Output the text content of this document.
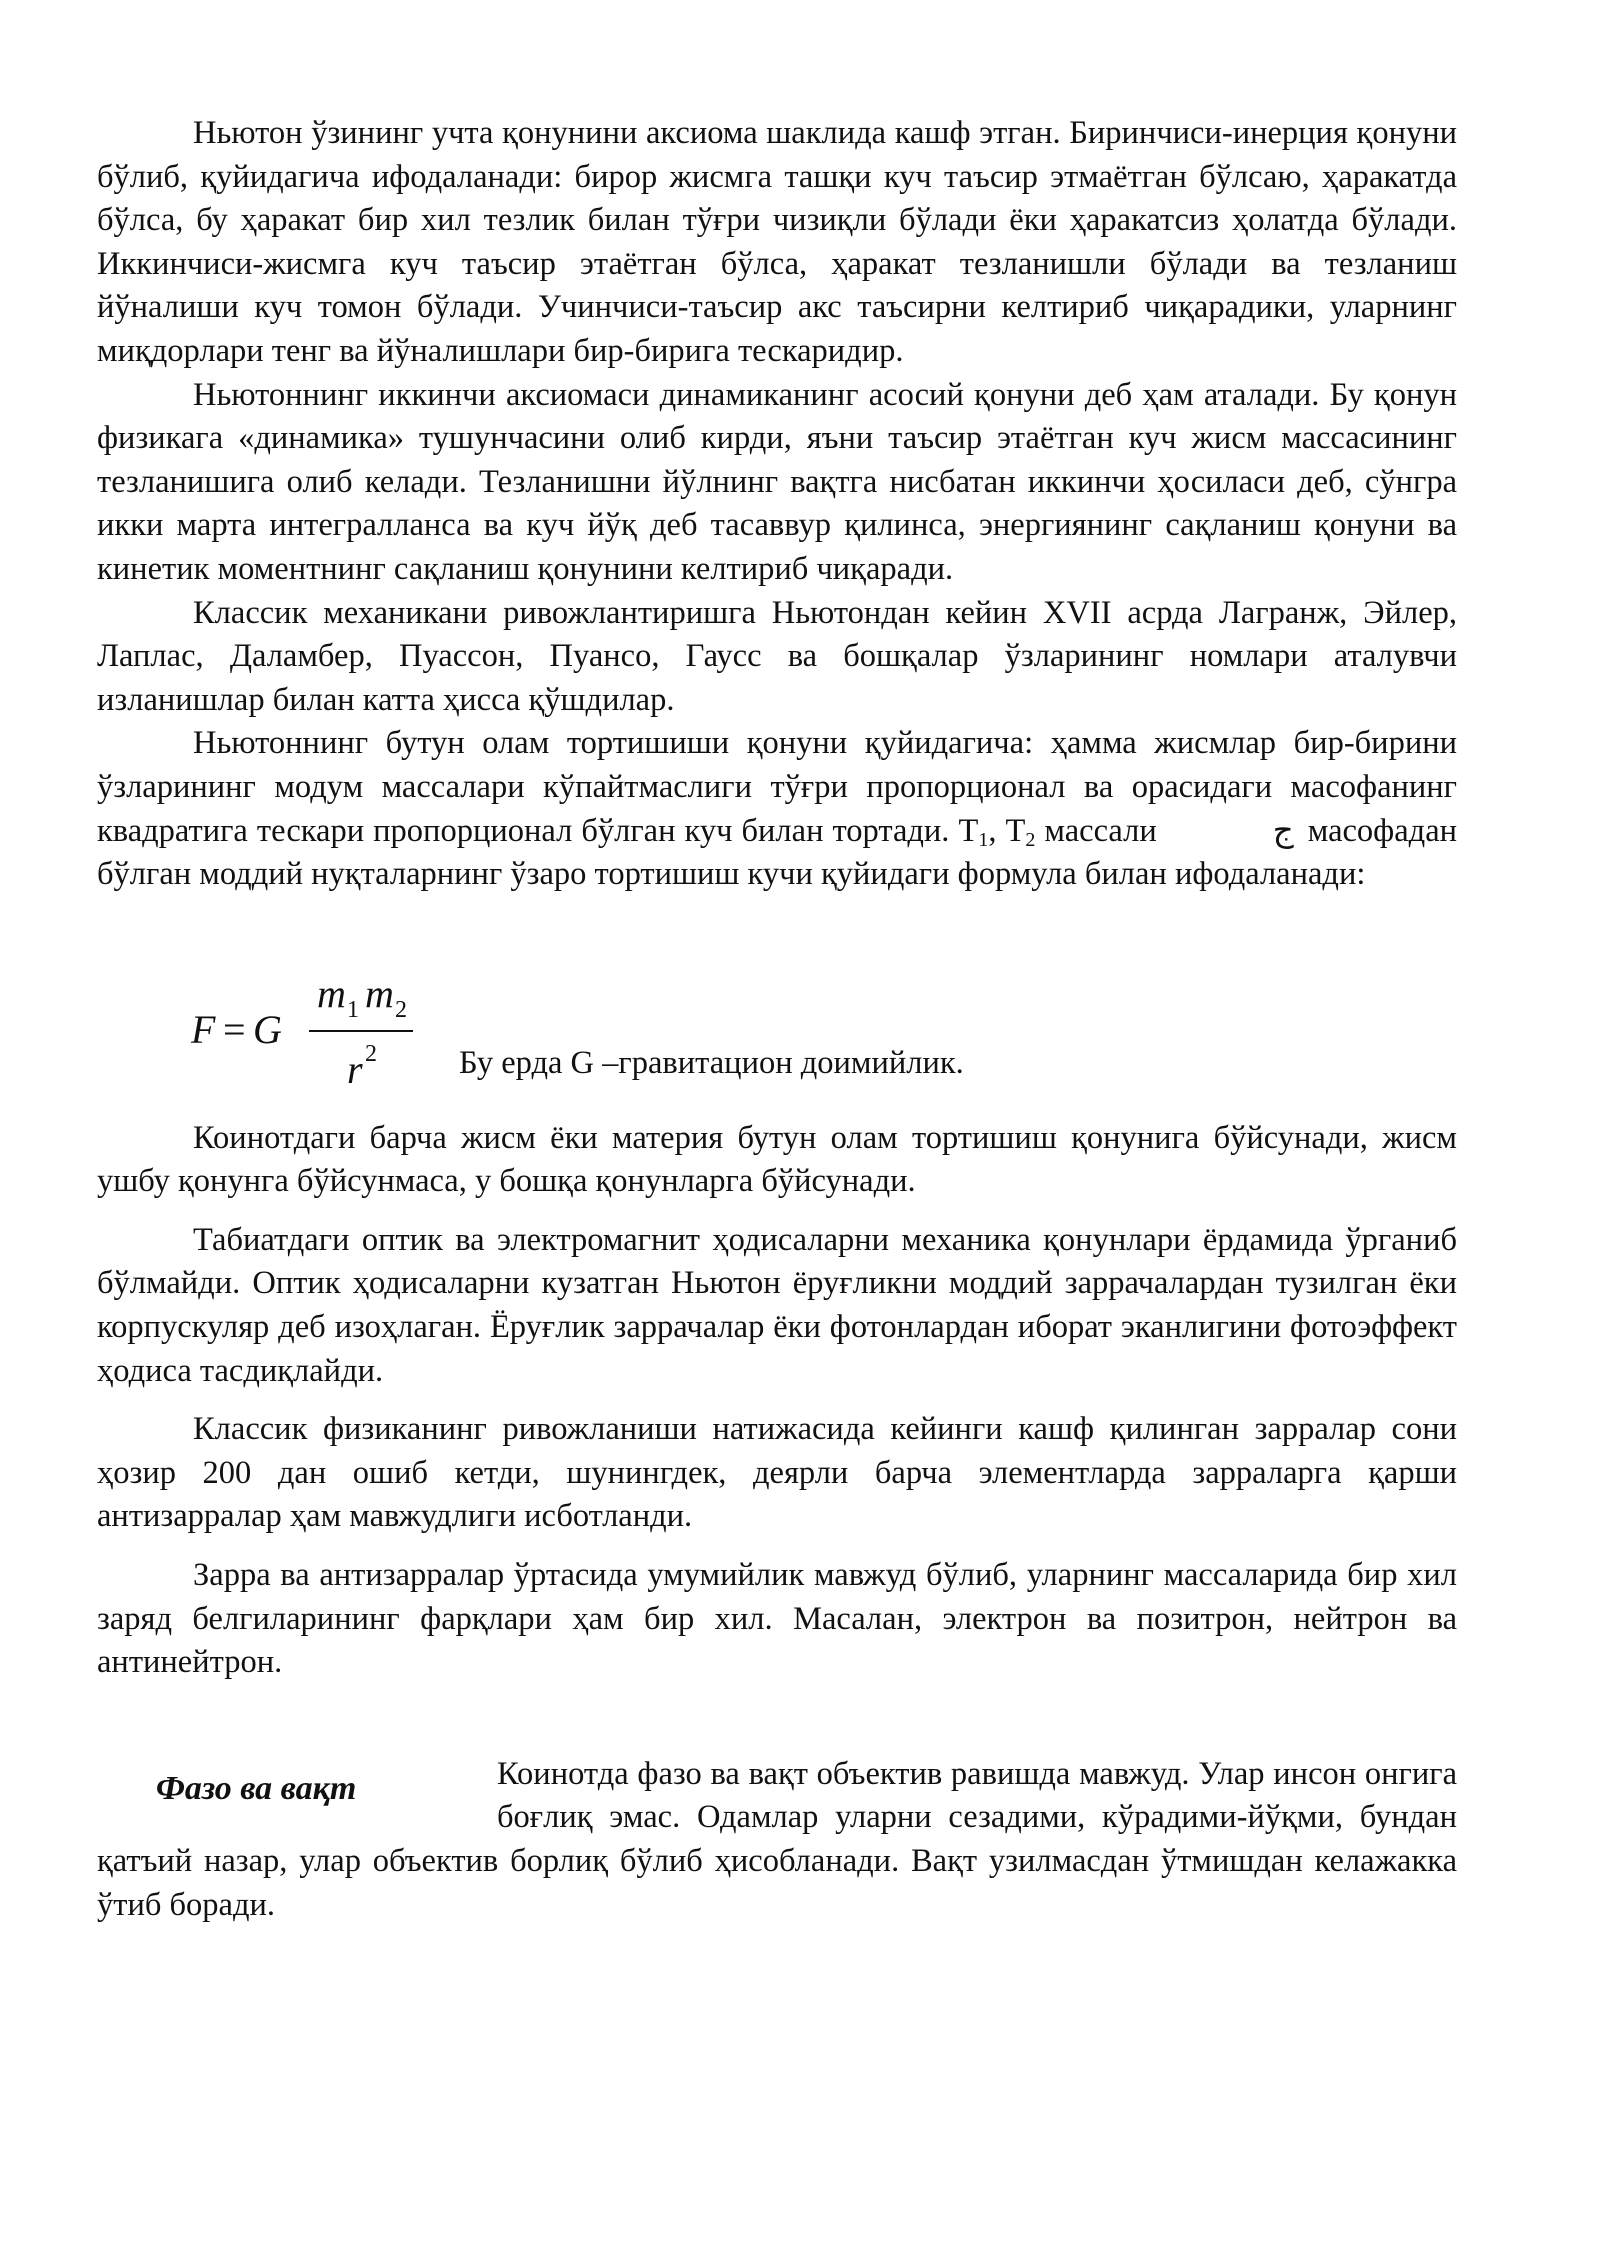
Ньютон ўзининг учта қонунини аксиома шаклида кашф этган. Биринчиси-инерция қонуни бўлиб, қуйидагича ифодаланади: бирор жисмга ташқи куч таъсир этмаётган бўлсаю, ҳаракатда бўлса, бу ҳаракат бир хил тезлик билан тўғри чизиқли бўлади ёки ҳаракатсиз ҳолатда бўлади. Иккинчиси-жисмга куч таъсир этаётган бўлса, ҳаракат тезланишли бўлади ва тезланиш йўналиши куч томон бўлади. Учинчиси-таъсир акс таъсирни келтириб чиқарадики, уларнинг миқдорлари тенг ва йўналишлари бир-бирига тескаридир.

Ньютоннинг иккинчи аксиомаси динамиканинг асосий қонуни деб ҳам аталади. Бу қонун физикага «динамика» тушунчасини олиб кирди, яъни таъсир этаётган куч жисм массасининг тезланишига олиб келади. Тезланишни йўлнинг вақтга нисбатан иккинчи ҳосиласи деб, сўнгра икки марта интегралланса ва куч йўқ деб тасаввур қилинса, энергиянинг сақланиш қонуни ва кинетик моментнинг сақланиш қонунини келтириб чиқаради.

Классик механикани ривожлантиришга Ньютондан кейин XVII асрда Лагранж, Эйлер, Лаплас, Даламбер, Пуассон, Пуансо, Гаусс ва бошқалар ўзларининг номлари аталувчи изланишлар билан катта ҳисса қўшдилар.

Ньютоннинг бутун олам тортишиши қонуни қуйидагича: ҳамма жисмлар бир-бирини ўзларининг модум массалари кўпайтмаслиги тўғри пропорционал ва орасидаги масофанинг квадратига тескари пропорционал бўлган куч билан тортади. $Т_1$, $Т_2$ массали	ج масофадан бўлган моддий нуқталарнинг ўзаро тортишиш кучи қуйидаги формула билан ифодаланади:

F = G
m 1 m 2
r 2	Бу ерда G –гравитацион доимийлик.

Коинотдаги барча жисм ёки материя бутун олам тортишиш қонунига бўйсунади, жисм ушбу қонунга бўйсунмаса, у бошқа қонунларга бўйсунади.

Табиатдаги оптик ва электромагнит ҳодисаларни механика қонунлари ёрдамида ўрганиб бўлмайди. Оптик ҳодисаларни кузатган Ньютон ёруғликни моддий заррачалардан тузилган ёки корпускуляр деб изоҳлаган. Ёруғлик заррачалар ёки фотонлардан иборат эканлигини фотоэффект ҳодиса тасдиқлайди.

Классик физиканинг ривожланиши натижасида кейинги кашф қилинган зарралар сони ҳозир 200 дан ошиб кетди, шунингдек, деярли барча элементларда зарраларга қарши антизарралар ҳам мавжудлиги исботланди.

Зарра ва антизарралар ўртасида умумийлик мавжуд бўлиб, уларнинг массаларида бир хил заряд белгиларининг фарқлари ҳам бир хил. Масалан, электрон ва позитрон, нейтрон ва антинейтрон.

Фазо ва вақт	Коинотда фазо ва вақт объектив равишда мавжуд. Улар инсон онгига боғлиқ эмас. Одамлар уларни сезадими, кўрадими-йўқми, бундан қатъий назар, улар объектив борлиқ бўлиб ҳисобланади. Вақт узилмасдан ўтмишдан келажакка ўтиб боради.
